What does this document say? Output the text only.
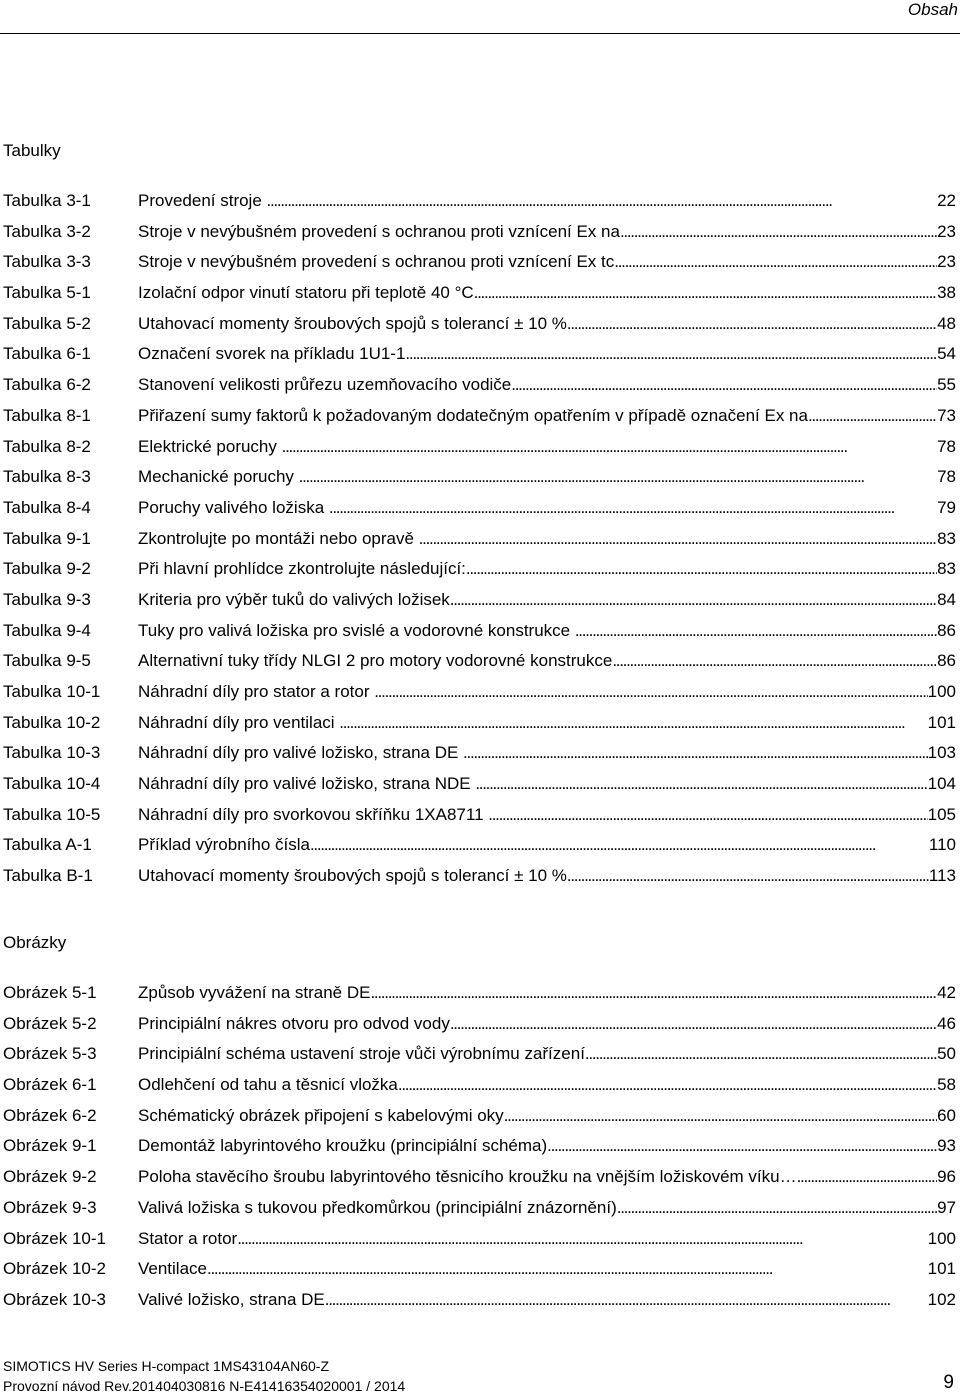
Obsah
Tabulky
Tabulka 3-1	Provedení stroje . . .	22
Tabulka 3-2	Stroje v nevýbušném provedení s ochranou proti vznícení Ex na . . .	23
Tabulka 3-3	Stroje v nevýbušném provedení s ochranou proti vznícení Ex tc . . .	23
Tabulka 5-1	Izolační odpor vinutí statoru při teplotě 40 °C . . .	38
Tabulka 5-2	Utahovací momenty šroubových spojů s tolerancí ± 10 % . . .	48
Tabulka 6-1	Označení svorek na příkladu 1U1-1 . . .	54
Tabulka 6-2	Stanovení velikosti průřezu uzemňovacího vodiče . . .	55
Tabulka 8-1	Přiřazení sumy faktorů k požadovaným dodatečným opatřením v případě označení Ex na . . .	73
Tabulka 8-2	Elektrické poruchy . . .	78
Tabulka 8-3	Mechanické poruchy . . .	78
Tabulka 8-4	Poruchy valivého ložiska . . .	79
Tabulka 9-1	Zkontrolujte po montáži nebo opravě . . .	83
Tabulka 9-2	Při hlavní prohlídce zkontrolujte následující: . . .	83
Tabulka 9-3	Kriteria pro výběr tuků do valivých ložisek . . .	84
Tabulka 9-4	Tuky pro valivá ložiska pro svislé a vodorovné konstrukce . . .	86
Tabulka 9-5	Alternativní tuky třídy NLGI 2 pro motory vodorovné konstrukce . . .	86
Tabulka 10-1	Náhradní díly pro stator a rotor . . .	100
Tabulka 10-2	Náhradní díly pro ventilaci . . .	101
Tabulka 10-3	Náhradní díly pro valivé ložisko, strana DE . . .	103
Tabulka 10-4	Náhradní díly pro valivé ložisko, strana NDE . . .	104
Tabulka 10-5	Náhradní díly pro svorkovou skříňku 1XA8711 . . .	105
Tabulka A-1	Příklad výrobního čísla . . .	110
Tabulka B-1	Utahovací momenty šroubových spojů s tolerancí ± 10 % . . .	113
Obrázky
Obrázek 5-1	Způsob vyvážení na straně DE . . .	42
Obrázek 5-2	Principiální nákres otvoru pro odvod vody . . .	46
Obrázek 5-3	Principiální schéma ustavení stroje vůči výrobnímu zařízení . . .	50
Obrázek 6-1	Odlehčení od tahu a těsnicí vložka . . .	58
Obrázek 6-2	Schématický obrázek připojení s kabelovými oky . . .	60
Obrázek 9-1	Demontáž labyrintového kroužku (principiální schéma) . . .	93
Obrázek 9-2	Poloha stavěcího šroubu labyrintového těsnicího kroužku na vnějším ložiskovém víku… . . .	96
Obrázek 9-3	Valivá ložiska s tukovou předkomůrkou (principiální znázornění) . . .	97
Obrázek 10-1	Stator a rotor . . .	100
Obrázek 10-2	Ventilace . . .	101
Obrázek 10-3	Valivé ložisko, strana DE . . .	102
SIMOTICS HV Series H-compact 1MS43104AN60-Z
Provozní návod Rev.201404030816 N-E41416354020001 / 2014	9
